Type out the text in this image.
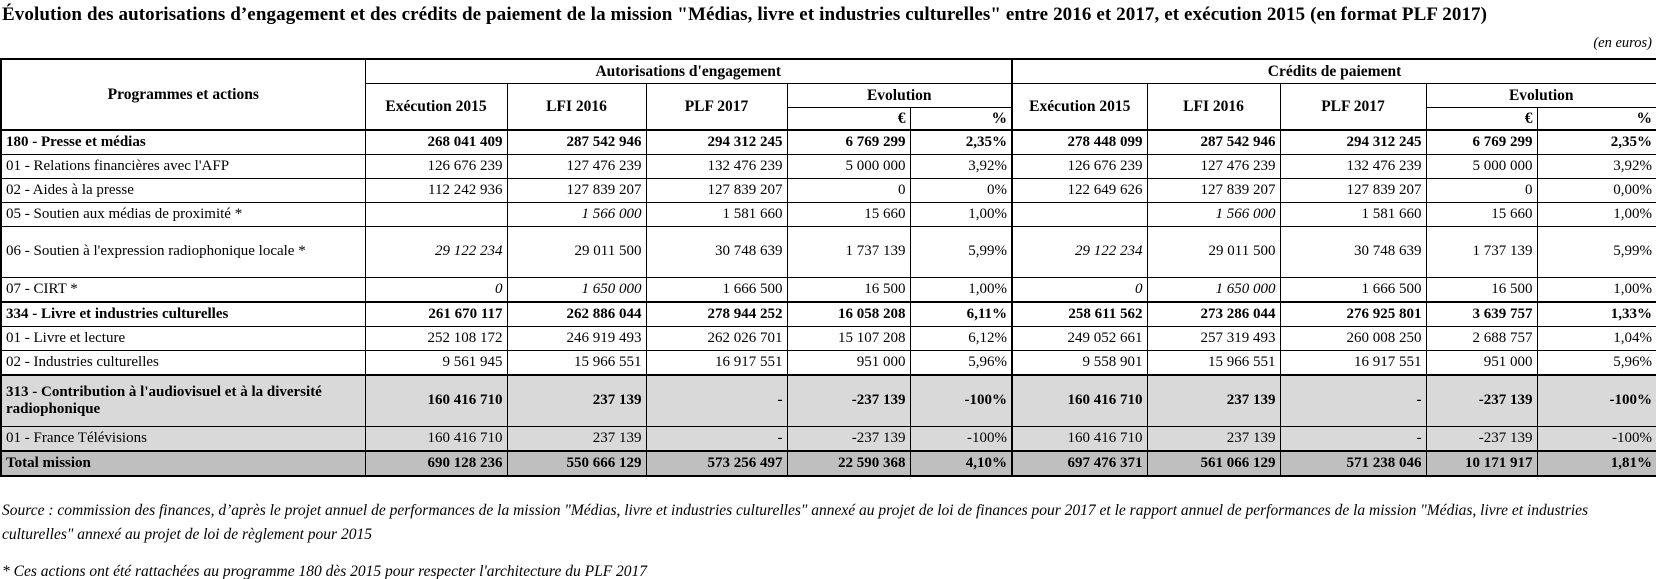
Évolution des autorisations d’engagement et des crédits de paiement de la mission "Médias, livre et industries culturelles" entre 2016 et 2017, et exécution 2015 (en format PLF 2017)
(en euros)
Programmes et actions	Autorisations d'engagement					Crédits de paiement				
	Exécution 2015	LFI 2016	PLF 2017	Evolution		Exécution 2015	LFI 2016	PLF 2017	Evolution	
				€	%				€	%
180 - Presse et médias	268 041 409	287 542 946	294 312 245	6 769 299	2,35%	278 448 099	287 542 946	294 312 245	6 769 299	2,35%
01 - Relations financières avec l'AFP	126 676 239	127 476 239	132 476 239	5 000 000	3,92%	126 676 239	127 476 239	132 476 239	5 000 000	3,92%
02 - Aides à la presse	112 242 936	127 839 207	127 839 207	0	0%	122 649 626	127 839 207	127 839 207	0	0,00%
05 - Soutien aux médias de proximité *		1 566 000	1 581 660	15 660	1,00%		1 566 000	1 581 660	15 660	1,00%
06 - Soutien à l'expression radiophonique locale *	29 122 234	29 011 500	30 748 639	1 737 139	5,99%	29 122 234	29 011 500	30 748 639	1 737 139	5,99%
07 - CIRT *	0	1 650 000	1 666 500	16 500	1,00%	0	1 650 000	1 666 500	16 500	1,00%
334 - Livre et industries culturelles	261 670 117	262 886 044	278 944 252	16 058 208	6,11%	258 611 562	273 286 044	276 925 801	3 639 757	1,33%
01 - Livre et lecture	252 108 172	246 919 493	262 026 701	15 107 208	6,12%	249 052 661	257 319 493	260 008 250	2 688 757	1,04%
02 - Industries culturelles	9 561 945	15 966 551	16 917 551	951 000	5,96%	9 558 901	15 966 551	16 917 551	951 000	5,96%
313 - Contribution à l'audiovisuel et à la diversité radiophonique	160 416 710	237 139	-	-237 139	-100%	160 416 710	237 139	-	-237 139	-100%
01 - France Télévisions	160 416 710	237 139	-	-237 139	-100%	160 416 710	237 139	-	-237 139	-100%
Total mission	690 128 236	550 666 129	573 256 497	22 590 368	4,10%	697 476 371	561 066 129	571 238 046	10 171 917	1,81%
Source : commission des finances, d’après le projet annuel de performances de la mission "Médias, livre et industries culturelles" annexé au projet de loi de finances pour 2017 et le rapport annuel de performances de la mission "Médias, livre et industries culturelles" annexé au projet de loi de règlement pour 2015
* Ces actions ont été rattachées au programme 180 dès 2015 pour respecter l'architecture du PLF 2017
